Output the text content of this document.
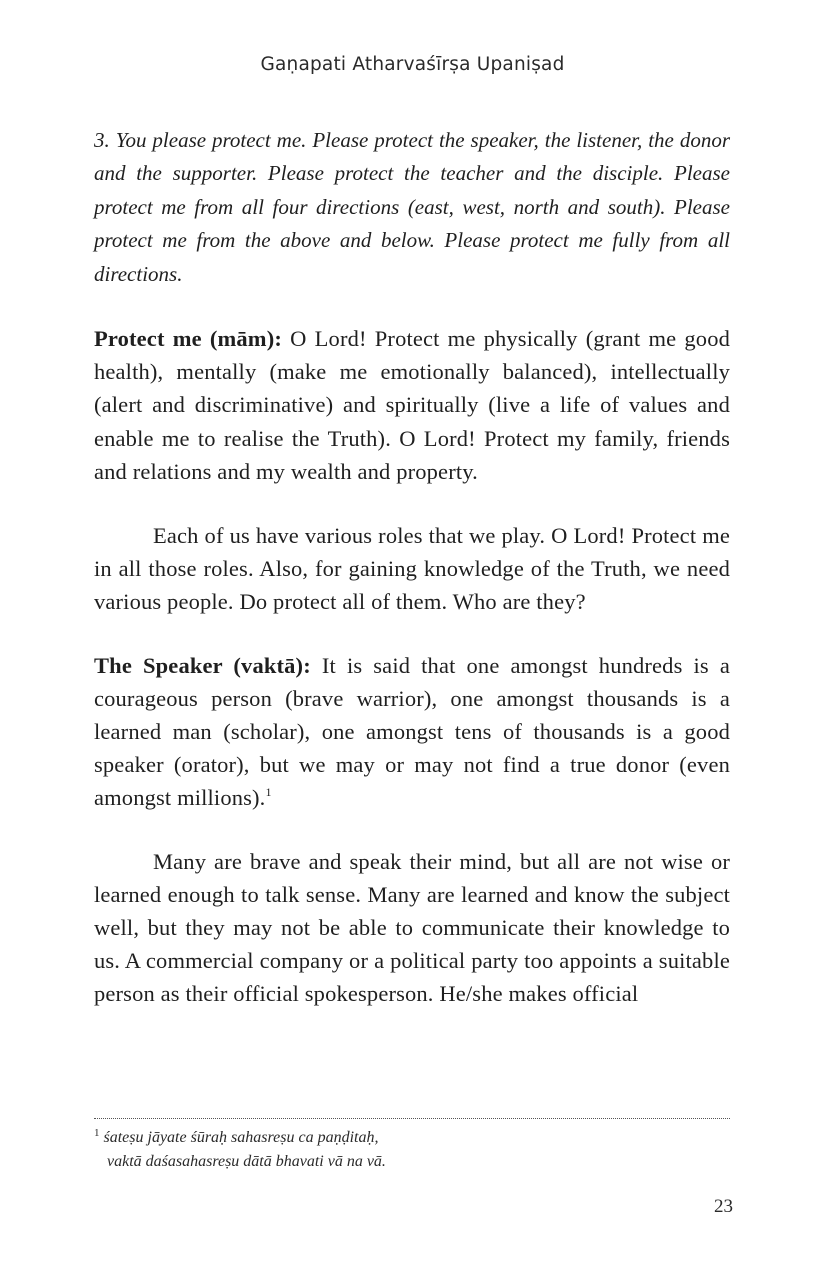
Gaṇapati Atharvaśīrṣa Upaniṣad

3. You please protect me. Please protect the speaker, the listener, the donor and the supporter. Please protect the teacher and the disciple. Please protect me from all four directions (east, west, north and south). Please protect me from the above and below. Please protect me fully from all directions.

Protect me (mām): O Lord! Protect me physically (grant me good health), mentally (make me emotionally balanced), intellectually (alert and discriminative) and spiritually (live a life of values and enable me to realise the Truth). O Lord! Protect my family, friends and relations and my wealth and property.

Each of us have various roles that we play. O Lord! Protect me in all those roles. Also, for gaining knowledge of the Truth, we need various people. Do protect all of them. Who are they?

The Speaker (vaktā): It is said that one amongst hundreds is a courageous person (brave warrior), one amongst thousands is a learned man (scholar), one amongst tens of thousands is a good speaker (orator), but we may or may not find a true donor (even amongst millions).$^1$

Many are brave and speak their mind, but all are not wise or learned enough to talk sense. Many are learned and know the subject well, but they may not be able to communicate their knowledge to us. A commercial company or a political party too appoints a suitable person as their official spokesperson. He/she makes official

$^1$ śateṣu jāyate śūraḥ sahasreṣu ca paṇḍitaḥ,
vaktā daśasahasreṣu dātā bhavati vā na vā.
23
